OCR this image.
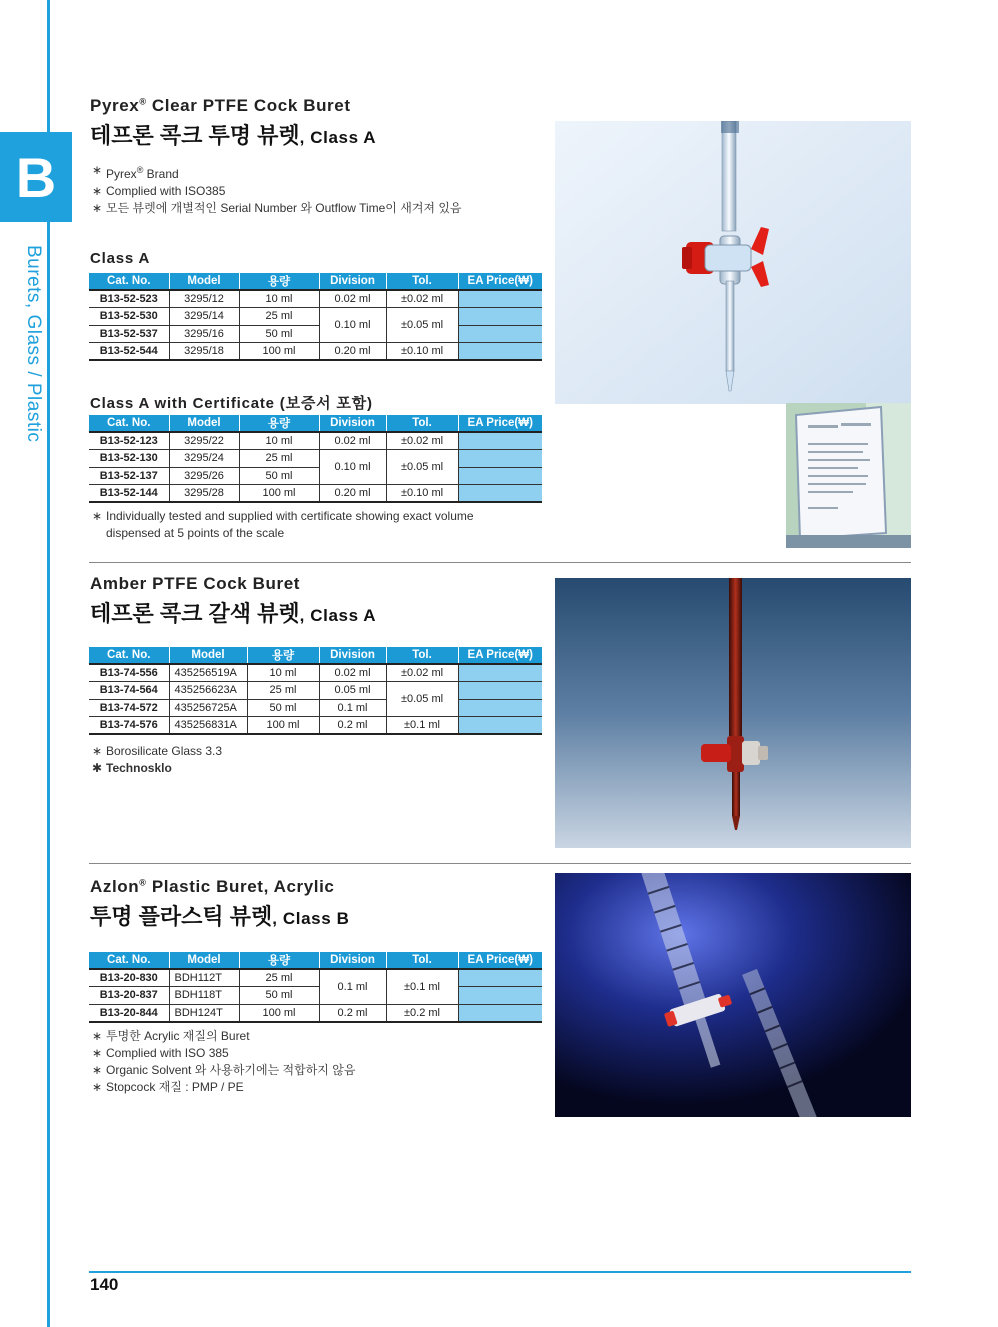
B
Burets, Glass / Plastic
Pyrex® Clear PTFE Cock Buret
테프론 콕크 투명 뷰렛, Class A
∗ Pyrex® Brand
∗ Complied with ISO385
∗ 모든 뷰렛에 개별적인 Serial Number 와 Outflow Time이 새겨져 있음
Class A
Cat. No.	Model	용량	Division	Tol.	EA Price(₩)
B13-52-523	3295/12	10 ml	0.02 ml	±0.02 ml	
B13-52-530	3295/14	25 ml	0.10 ml	±0.05 ml	
B13-52-537	3295/16	50 ml			
B13-52-544	3295/18	100 ml	0.20 ml	±0.10 ml	
Class A with Certificate (보증서 포함)
Cat. No.	Model	용량	Division	Tol.	EA Price(₩)
B13-52-123	3295/22	10 ml	0.02 ml	±0.02 ml	
B13-52-130	3295/24	25 ml	0.10 ml	±0.05 ml	
B13-52-137	3295/26	50 ml			
B13-52-144	3295/28	100 ml	0.20 ml	±0.10 ml	
∗ Individually tested and supplied with certificate showing exact volume
dispensed at 5 points of the scale
Amber PTFE Cock Buret
테프론 콕크 갈색 뷰렛, Class A
Cat. No.	Model	용량	Division	Tol.	EA Price(₩)
B13-74-556	435256519A	10 ml	0.02 ml	±0.02 ml	
B13-74-564	435256623A	25 ml	0.05 ml	±0.05 ml	
B13-74-572	435256725A	50 ml	0.1 ml		
B13-74-576	435256831A	100 ml	0.2 ml	±0.1 ml	
∗ Borosilicate Glass 3.3
✱ Technosklo
Azlon® Plastic Buret, Acrylic
투명 플라스틱 뷰렛, Class B
Cat. No.	Model	용량	Division	Tol.	EA Price(₩)
B13-20-830	BDH112T	25 ml	0.1 ml	±0.1 ml	
B13-20-837	BDH118T	50 ml			
B13-20-844	BDH124T	100 ml	0.2 ml	±0.2 ml	
∗ 투명한 Acrylic 재질의 Buret
∗ Complied with ISO 385
∗ Organic Solvent 와 사용하기에는 적합하지 않음
∗ Stopcock 재질 : PMP / PE
140
